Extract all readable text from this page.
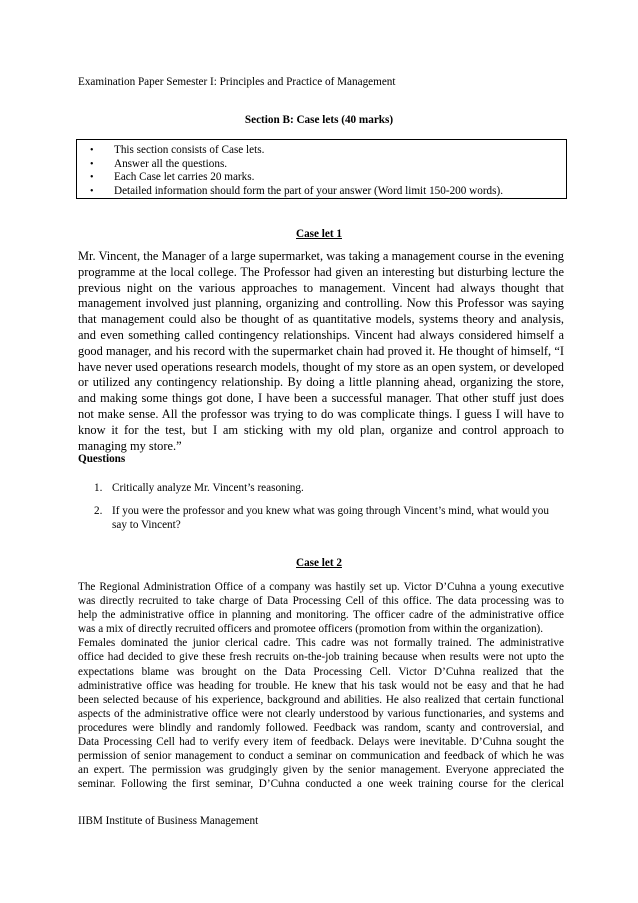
Examination Paper Semester I: Principles and Practice of Management
Section B: Case lets (40 marks)
• This section consists of Case lets.
• Answer all the questions.
• Each Case let carries 20 marks.
• Detailed information should form the part of your answer (Word limit 150-200 words).
Case let 1

Mr. Vincent, the Manager of a large supermarket, was taking a management course in the evening programme at the local college. The Professor had given an interesting but disturbing lecture the previous night on the various approaches to management. Vincent had always thought that management involved just planning, organizing and controlling. Now this Professor was saying that management could also be thought of as quantitative models, systems theory and analysis, and even something called contingency relationships. Vincent had always considered himself a good manager, and his record with the supermarket chain had proved it. He thought of himself, “I have never used operations research models, thought of my store as an open system, or developed or utilized any contingency relationship. By doing a little planning ahead, organizing the store, and making some things got done, I have been a successful manager. That other stuff just does not make sense. All the professor was trying to do was complicate things. I guess I will have to know it for the test, but I am sticking with my old plan, organize and control approach to managing my store.”

Questions
1. Critically analyze Mr. Vincent’s reasoning.
2. If you were the professor and you knew what was going through Vincent’s mind, what would you say to Vincent?
Case let 2
The Regional Administration Office of a company was hastily set up. Victor D’Cuhna a young executive
was directly recruited to take charge of Data Processing Cell of this office. The data processing was to
help the administrative office in planning and monitoring. The officer cadre of the administrative office
was a mix of directly recruited officers and promotee officers (promotion from within the organization).
Females dominated the junior clerical cadre. This cadre was not formally trained. The administrative
office had decided to give these fresh recruits on-the-job training because when results were not upto the
expectations blame was brought on the Data Processing Cell. Victor D’Cuhna realized that the
administrative office was heading for trouble. He knew that his task would not be easy and that he had
been selected because of his experience, background and abilities. He also realized that certain functional
aspects of the administrative office were not clearly understood by various functionaries, and systems and
procedures were blindly and randomly followed. Feedback was random, scanty and controversial, and
Data Processing Cell had to verify every item of feedback. Delays were inevitable. D’Cuhna sought the
permission of senior management to conduct a seminar on communication and feedback of which he was
an expert. The permission was grudgingly given by the senior management. Everyone appreciated the
seminar. Following the first seminar, D’Cuhna conducted a one week training course for the clerical
IIBM Institute of Business Management
